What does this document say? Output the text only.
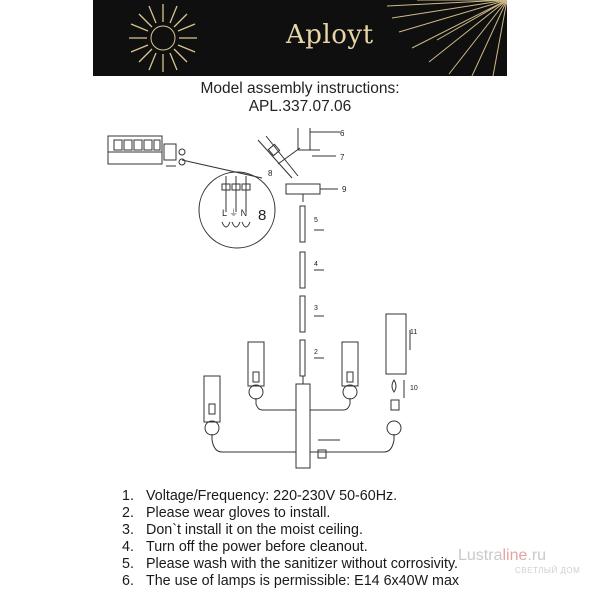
Aployt
Model assembly instructions:
APL.337.07.06
L ⏚ N 8
6
7
8
9
5
4
3
2
10
11
1. Voltage/Frequency: 220-230V 50-60Hz.
2. Please wear gloves to install.
3. Don`t install it on the moist ceiling.
4. Turn off the power before cleanout.
5. Please wash with the sanitizer without corrosivity.
6. The use of lamps is permissible: E14 6x40W max
Lustraline.ru
СВЕТЛЫЙ ДОМ
